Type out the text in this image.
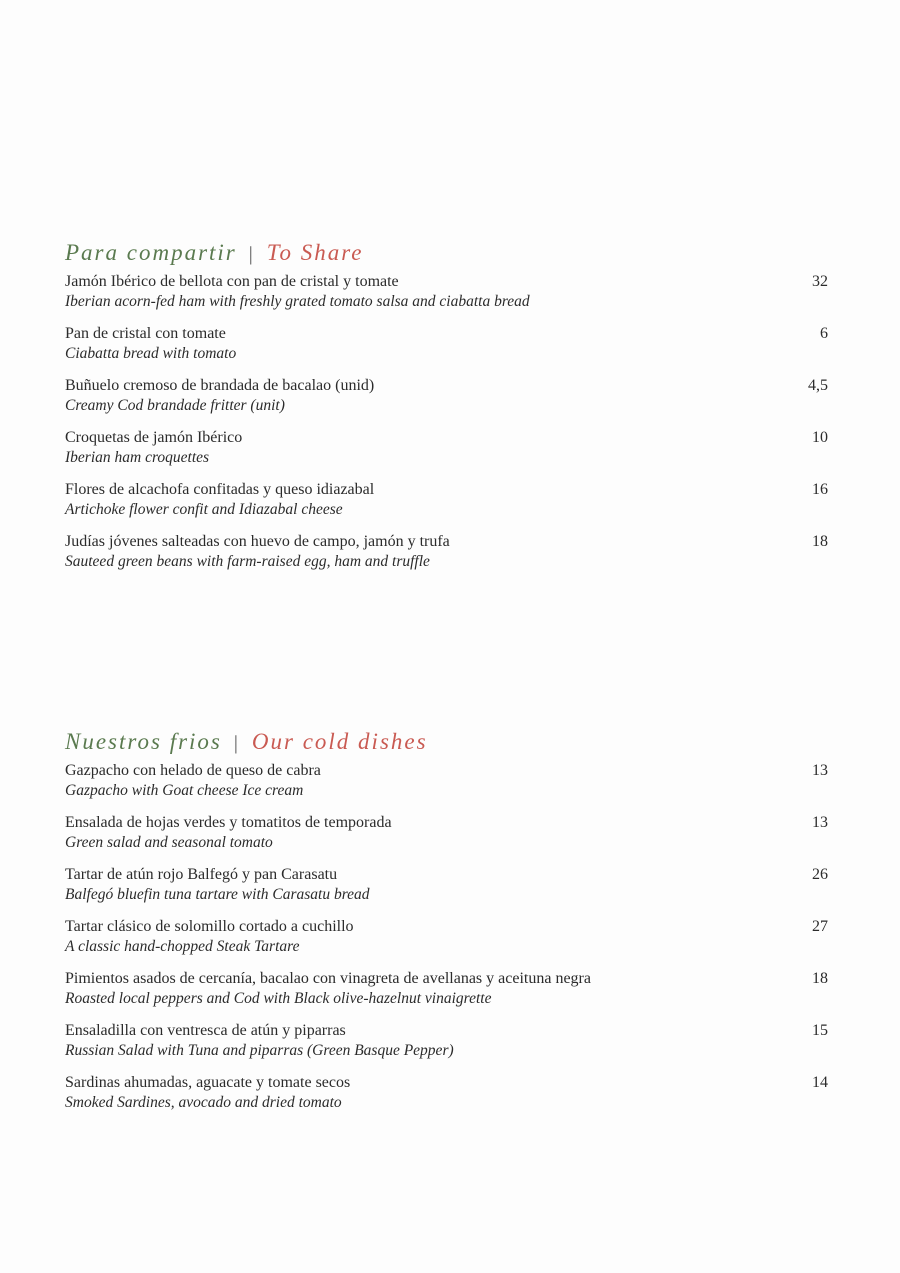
Para compartir | To Share
Jamón Ibérico de bellota con pan de cristal y tomate
Iberian acorn-fed ham with freshly grated tomato salsa and ciabatta bread
32
Pan de cristal con tomate
Ciabatta bread with tomato
6
Buñuelo cremoso de brandada de bacalao (unid)
Creamy Cod brandade fritter (unit)
4,5
Croquetas de jamón Ibérico
Iberian ham croquettes
10
Flores de alcachofa confitadas y queso idiazabal
Artichoke flower confit and Idiazabal cheese
16
Judías jóvenes salteadas con huevo de campo, jamón y trufa
Sauteed green beans with farm-raised egg, ham and truffle
18
Nuestros frios | Our cold dishes
Gazpacho con helado de queso de cabra
Gazpacho with Goat cheese Ice cream
13
Ensalada de hojas verdes y tomatitos de temporada
Green salad and seasonal tomato
13
Tartar de atún rojo Balfegó y pan Carasatu
Balfegó bluefin tuna tartare with Carasatu bread
26
Tartar clásico de solomillo cortado a cuchillo
A classic hand-chopped Steak Tartare
27
Pimientos asados de cercanía, bacalao con vinagreta de avellanas y aceituna negra
Roasted local peppers and Cod with Black olive-hazelnut vinaigrette
18
Ensaladilla con ventresca de atún y piparras
Russian Salad with Tuna and piparras (Green Basque Pepper)
15
Sardinas ahumadas, aguacate y tomate secos
Smoked Sardines, avocado and dried tomato
14
